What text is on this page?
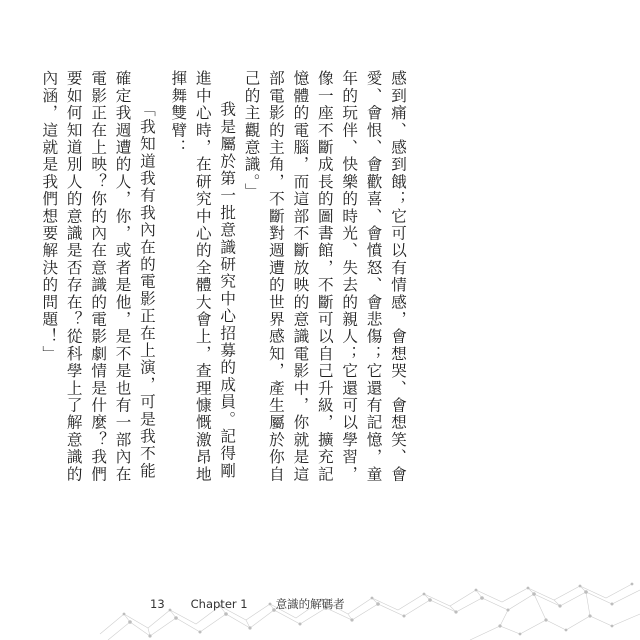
感到痛、感到餓；它可以有情感，會想哭、會想笑、會愛、會恨、會歡喜、會憤怒、會悲傷；它還有記憶，童年的玩伴、快樂的時光、失去的親人；它還可以學習，像一座不斷成長的圖書館，不斷可以自己升級，擴充記憶體的電腦，而這部不斷放映的意識電影中，你就是這部電影的主角，不斷對週遭的世界感知，產生屬於你自己的主觀意識。」

我是屬於第一批意識研究中心招募的成員。記得剛進中心時，在研究中心的全體大會上，查理慷慨激昂地揮舞雙臂：

「我知道我有我內在的電影正在上演，可是我不能確定我週遭的人，你，或者是他，是不是也有一部內在電影正在上映？你的內在意識的電影劇情是什麼？我們要如何知道別人的意識是否存在？從科學上了解意識的內涵，這就是我們想要解決的問題！」

13 Chapter 1 意識的解碼者
